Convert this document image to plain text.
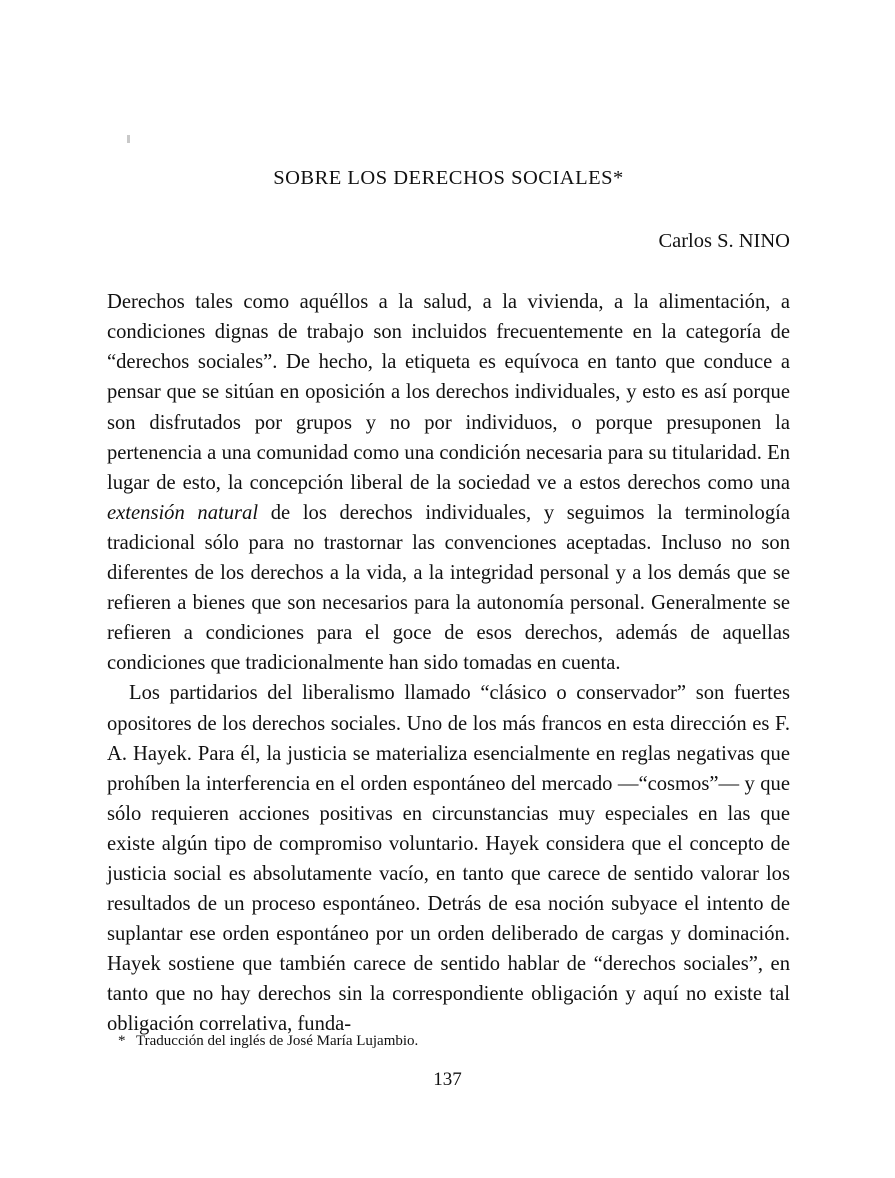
SOBRE LOS DERECHOS SOCIALES*

Carlos S. NINO

Derechos tales como aquéllos a la salud, a la vivienda, a la alimentación, a condiciones dignas de trabajo son incluidos frecuentemente en la categoría de “derechos sociales”. De hecho, la etiqueta es equívoca en tanto que conduce a pensar que se sitúan en oposición a los derechos individuales, y esto es así porque son disfrutados por grupos y no por individuos, o porque presuponen la pertenencia a una comunidad como una condición necesaria para su titularidad. En lugar de esto, la concepción liberal de la sociedad ve a estos derechos como una extensión natural de los derechos individuales, y seguimos la terminología tradicional sólo para no trastornar las convenciones aceptadas. Incluso no son diferentes de los derechos a la vida, a la integridad personal y a los demás que se refieren a bienes que son necesarios para la autonomía personal. Generalmente se refieren a condiciones para el goce de esos derechos, además de aquellas condiciones que tradicionalmente han sido tomadas en cuenta.

Los partidarios del liberalismo llamado “clásico o conservador” son fuertes opositores de los derechos sociales. Uno de los más francos en esta dirección es F. A. Hayek. Para él, la justicia se materializa esencialmente en reglas negativas que prohíben la interferencia en el orden espontáneo del mercado —“cosmos”— y que sólo requieren acciones positivas en circunstancias muy especiales en las que existe algún tipo de compromiso voluntario. Hayek considera que el concepto de justicia social es absolutamente vacío, en tanto que carece de sentido valorar los resultados de un proceso espontáneo. Detrás de esa noción subyace el intento de suplantar ese orden espontáneo por un orden deliberado de cargas y dominación. Hayek sostiene que también carece de sentido hablar de “derechos sociales”, en tanto que no hay derechos sin la correspondiente obligación y aquí no existe tal obligación correlativa, funda-

* Traducción del inglés de José María Lujambio.

137
